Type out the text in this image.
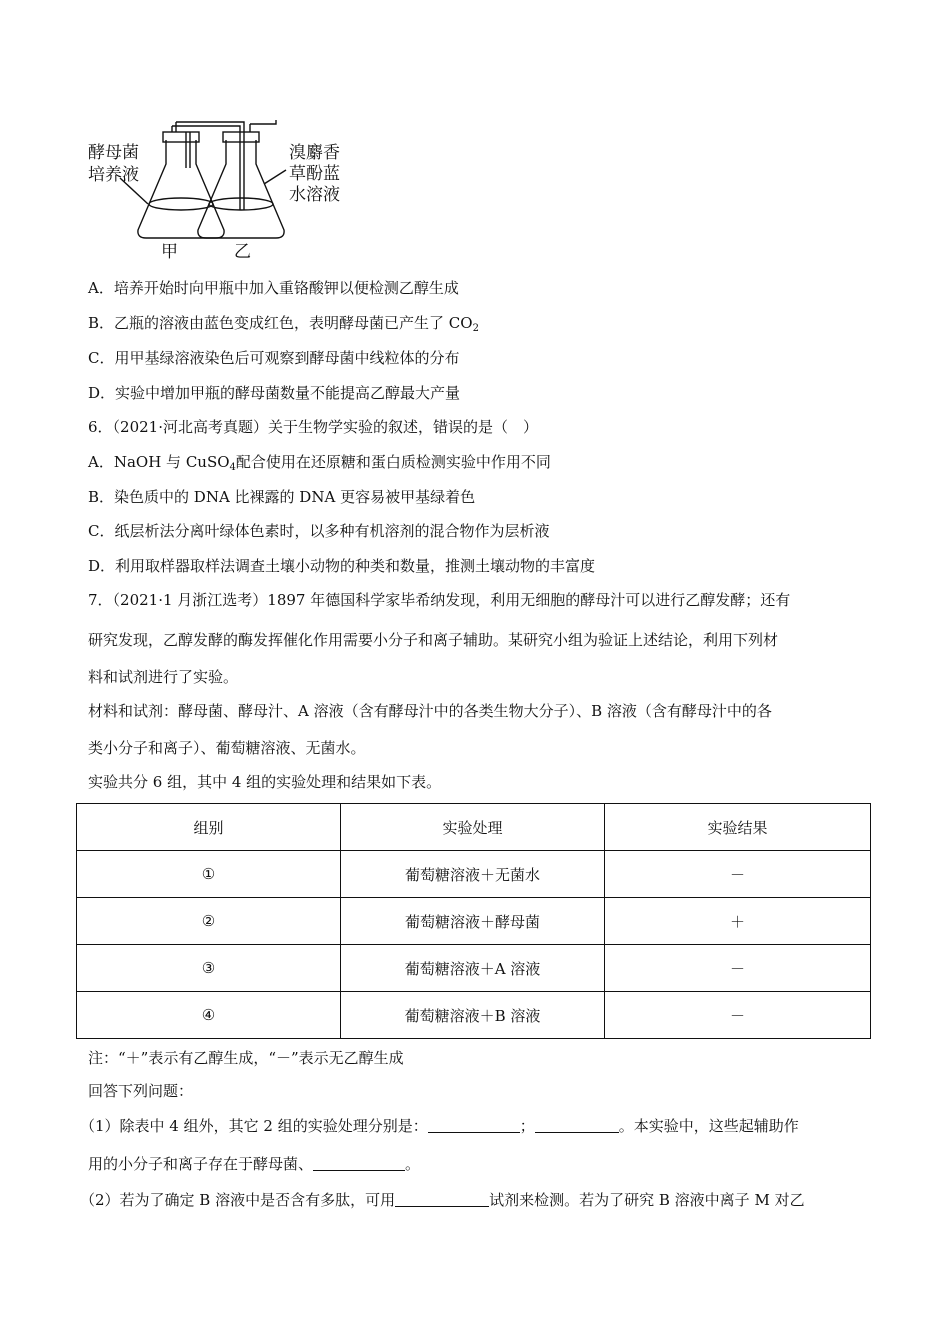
酵母菌
培养液
溴麝香
草酚蓝
水溶液
甲	乙
A．培养开始时向甲瓶中加入重铬酸钾以便检测乙醇生成
B．乙瓶的溶液由蓝色变成红色，表明酵母菌已产生了 $CO_2$
C．用甲基绿溶液染色后可观察到酵母菌中线粒体的分布
D．实验中增加甲瓶的酵母菌数量不能提高乙醇最大产量
6．（2021·河北高考真题）关于生物学实验的叙述，错误的是（　）
A．NaOH 与 CuSO$_4$配合使用在还原糖和蛋白质检测实验中作用不同
B．染色质中的 DNA 比裸露的 DNA 更容易被甲基绿着色
C．纸层析法分离叶绿体色素时，以多种有机溶剂的混合物作为层析液
D．利用取样器取样法调查土壤小动物的种类和数量，推测土壤动物的丰富度
7．（2021·1 月浙江选考）1897 年德国科学家毕希纳发现，利用无细胞的酵母汁可以进行乙醇发酵；还有
研究发现，乙醇发酵的酶发挥催化作用需要小分子和离子辅助。某研究小组为验证上述结论，利用下列材
料和试剂进行了实验。
材料和试剂：酵母菌、酵母汁、A 溶液（含有酵母汁中的各类生物大分子）、B 溶液（含有酵母汁中的各
类小分子和离子）、葡萄糖溶液、无菌水。
实验共分 6 组，其中 4 组的实验处理和结果如下表。
组别	实验处理	实验结果
①	葡萄糖溶液＋无菌水	－
②	葡萄糖溶液＋酵母菌	＋
③	葡萄糖溶液＋A 溶液	－
④	葡萄糖溶液＋B 溶液	－
注：“＋”表示有乙醇生成，“－”表示无乙醇生成
回答下列问题：
（1）除表中 4 组外，其它 2 组的实验处理分别是：	；	。本实验中，这些起辅助作
用的小分子和离子存在于酵母菌、	。
（2）若为了确定 B 溶液中是否含有多肽，可用	试剂来检测。若为了研究 B 溶液中离子 M 对乙
